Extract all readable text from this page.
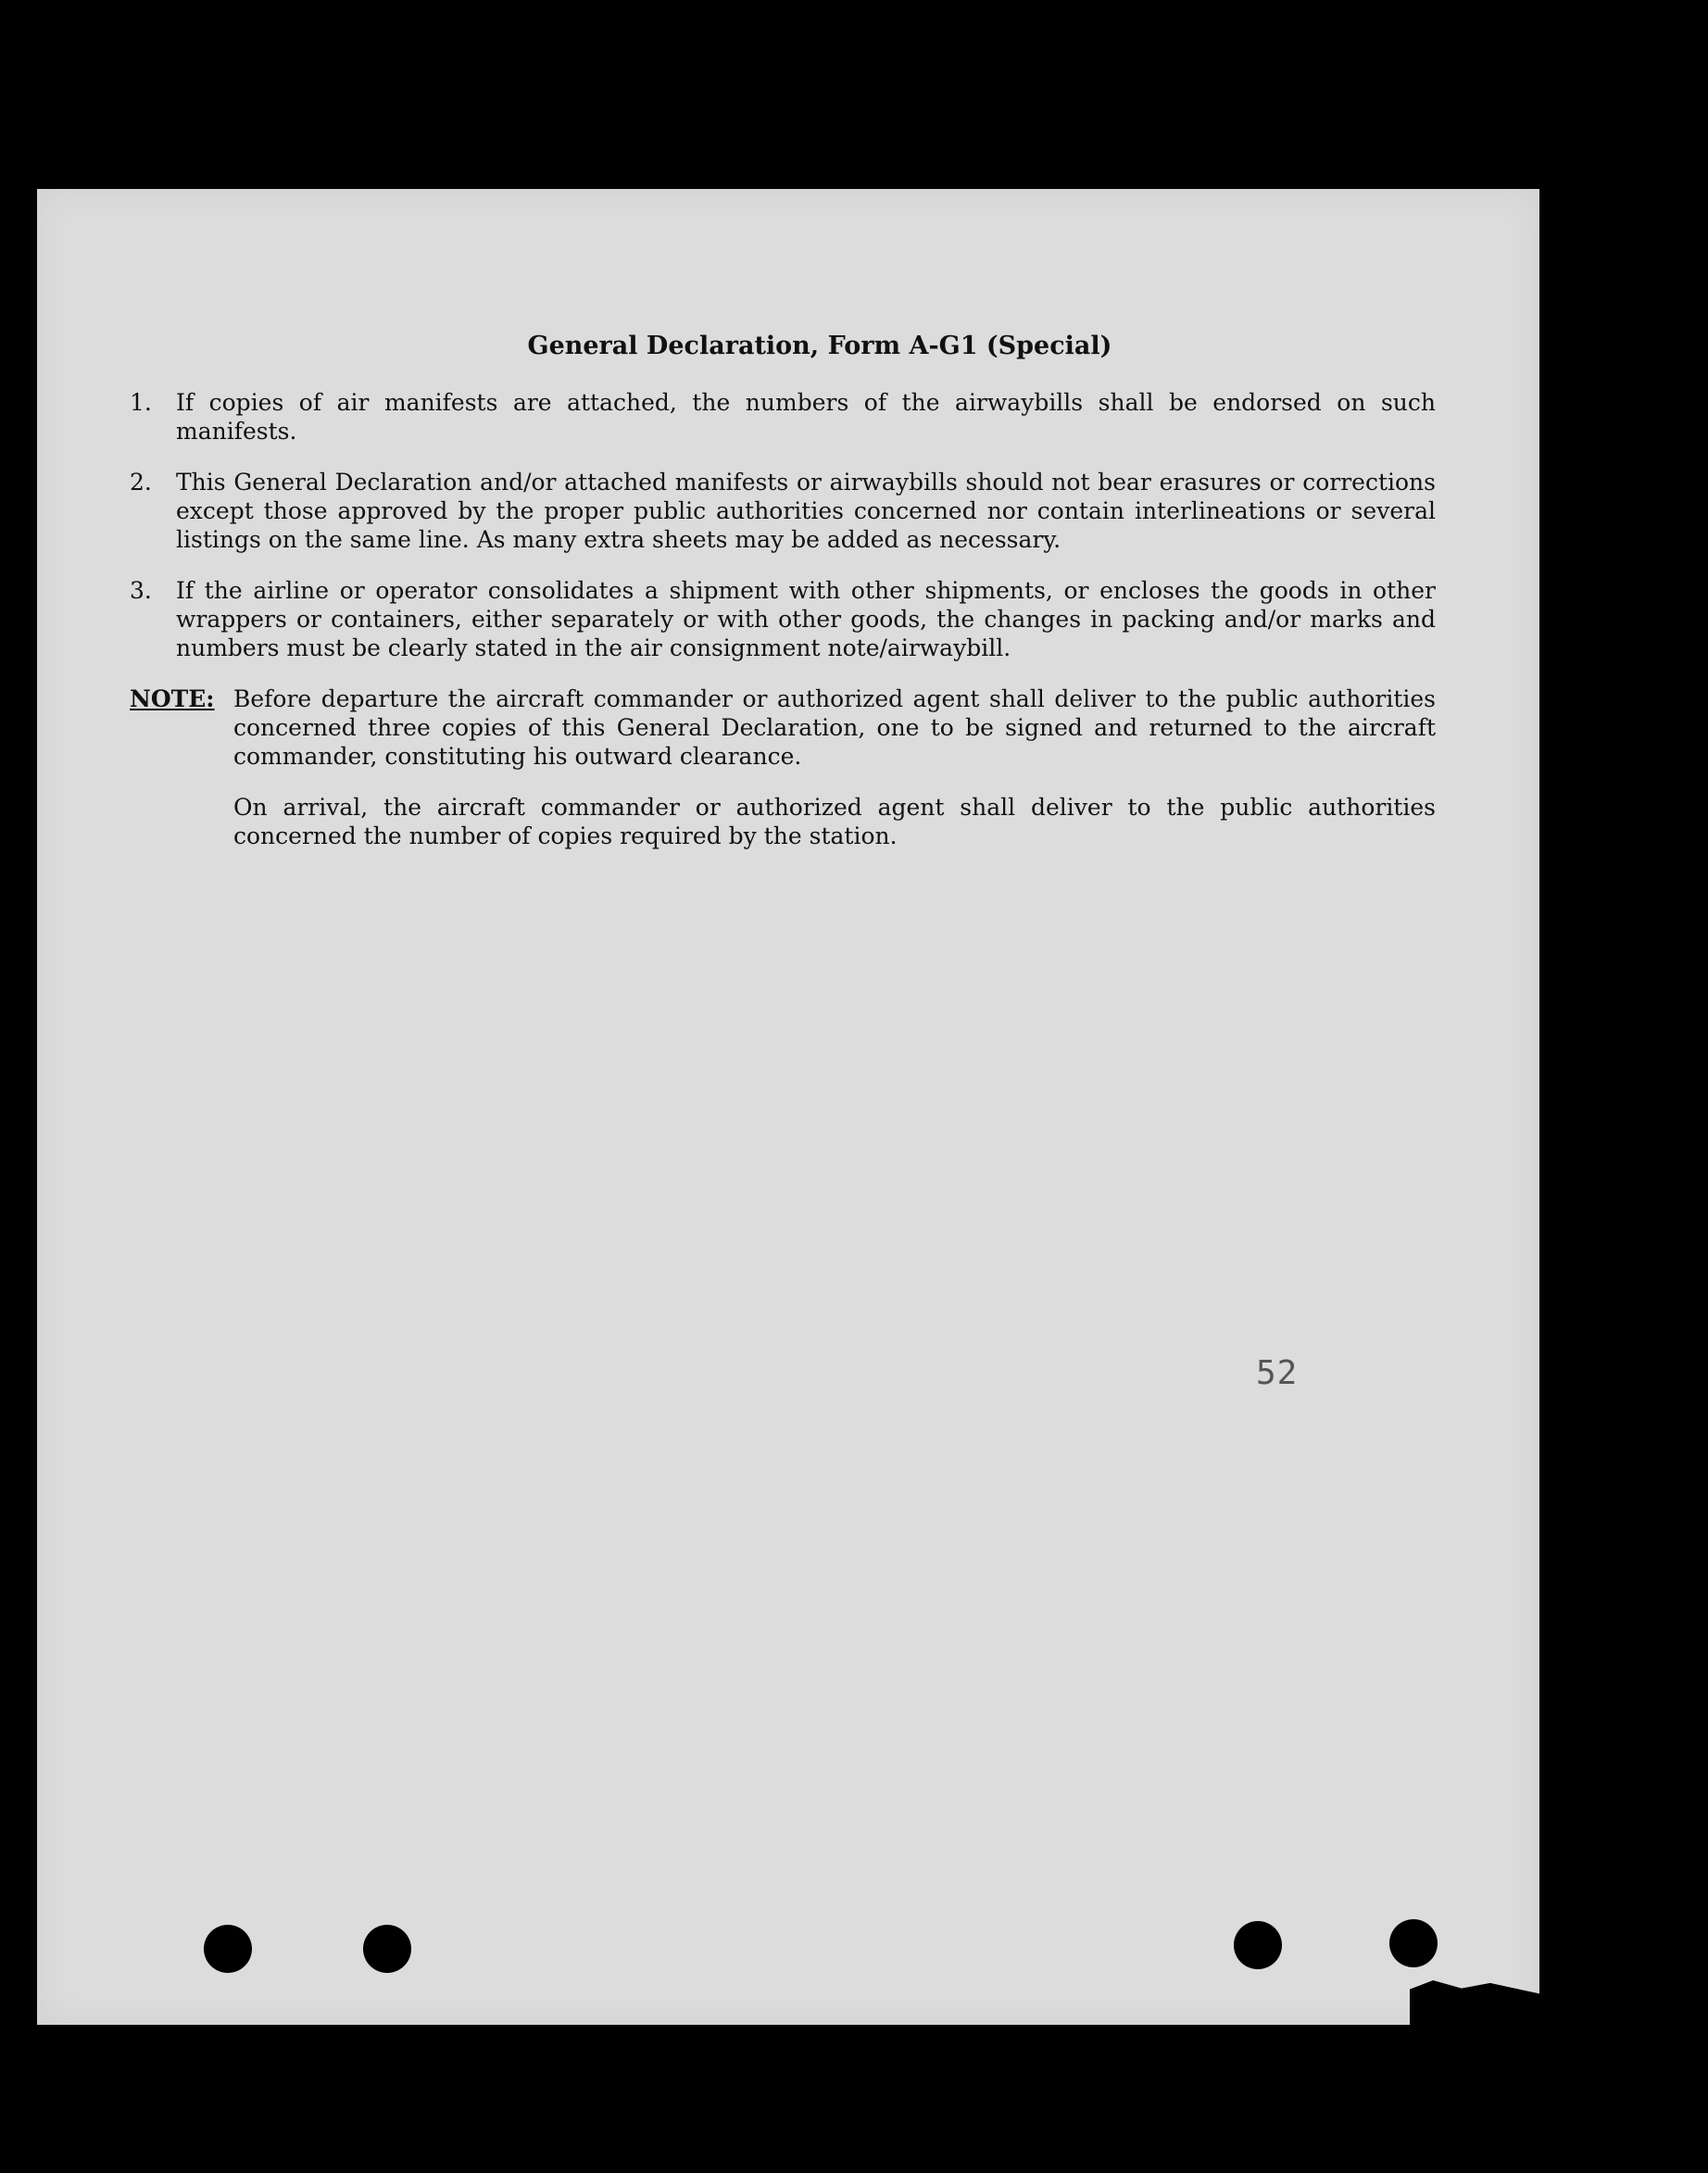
General Declaration, Form A-G1 (Special)
1.	If copies of air manifests are attached, the numbers of the airwaybills shall be endorsed on such manifests.
2.	This General Declaration and/or attached manifests or airwaybills should not bear erasures or corrections except those approved by the proper public authorities concerned nor contain interlineations or several listings on the same line. As many extra sheets may be added as necessary.
3.	If the airline or operator consolidates a shipment with other shipments, or encloses the goods in other wrappers or containers, either separately or with other goods, the changes in packing and/or marks and numbers must be clearly stated in the air consignment note/airwaybill.
NOTE: Before departure the aircraft commander or authorized agent shall deliver to the public authorities concerned three copies of this General Declaration, one to be signed and returned to the aircraft commander, constituting his outward clearance.

On arrival, the aircraft commander or authorized agent shall deliver to the public authorities concerned the number of copies required by the station.

52
